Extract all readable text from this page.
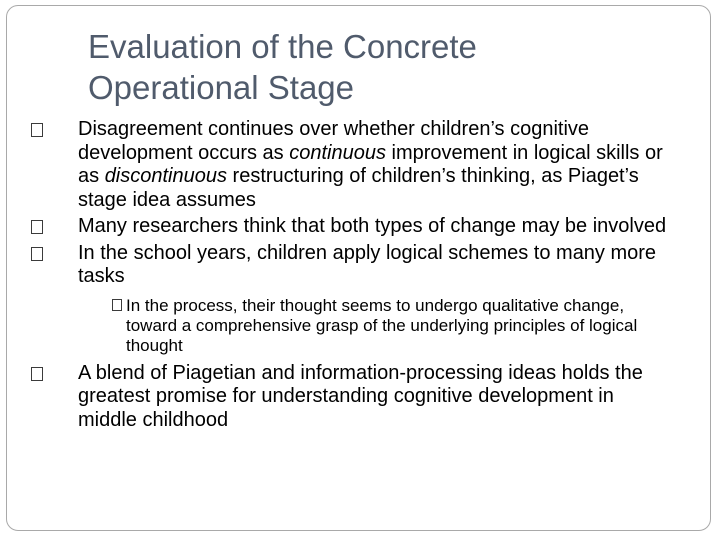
Evaluation of the Concrete
Operational Stage

Disagreement continues over whether children’s cognitive development occurs as continuous improvement in logical skills or as discontinuous restructuring of children’s thinking, as Piaget’s stage idea assumes

Many researchers think that both types of change may be involved

In the school years, children apply logical schemes to many more tasks

In the process, their thought seems to undergo qualitative change, toward a comprehensive grasp of the underlying principles of logical thought

A blend of Piagetian and information-processing ideas holds the greatest promise for understanding cognitive development in middle childhood
